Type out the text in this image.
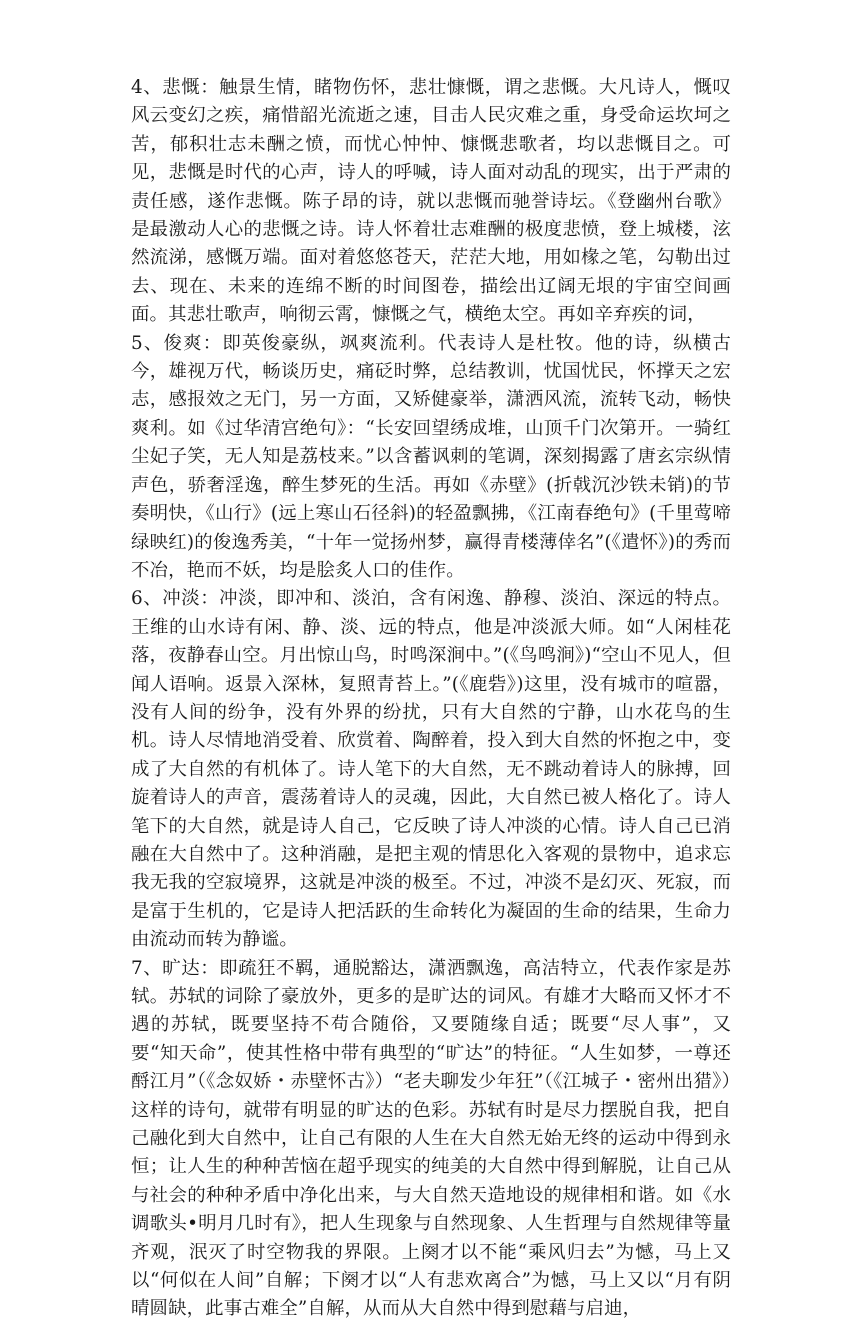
4、悲慨：触景生情，睹物伤怀，悲壮慷慨，谓之悲慨。大凡诗人，慨叹风云变幻之疾，痛惜韶光流逝之速，目击人民灾难之重，身受命运坎坷之苦，郁积壮志未酬之愤，而忧心忡忡、慷慨悲歌者，均以悲慨目之。可见，悲慨是时代的心声，诗人的呼喊，诗人面对动乱的现实，出于严肃的责任感，遂作悲慨。陈子昂的诗，就以悲慨而驰誉诗坛。《登幽州台歌》是最激动人心的悲慨之诗。诗人怀着壮志难酬的极度悲愤，登上城楼，泫然流涕，感慨万端。面对着悠悠苍天，茫茫大地，用如椽之笔，勾勒出过去、现在、未来的连绵不断的时间图卷，描绘出辽阔无垠的宇宙空间画面。其悲壮歌声，响彻云霄，慷慨之气，横绝太空。再如辛弃疾的词，

5、俊爽：即英俊豪纵，飒爽流利。代表诗人是杜牧。他的诗，纵横古今，雄视万代，畅谈历史，痛砭时弊，总结教训，忧国忧民，怀撑天之宏志，感报效之无门，另一方面，又矫健豪举，潇洒风流，流转飞动，畅快爽利。如《过华清宫绝句》：“长安回望绣成堆，山顶千门次第开。一骑红尘妃子笑，无人知是荔枝来。”以含蓄讽刺的笔调，深刻揭露了唐玄宗纵情声色，骄奢淫逸，醉生梦死的生活。再如《赤壁》(折戟沉沙铁未销)的节奏明快，《山行》(远上寒山石径斜)的轻盈飘拂，《江南春绝句》(千里莺啼绿映红)的俊逸秀美，“十年一觉扬州梦，赢得青楼薄倖名”(《遣怀》)的秀而不冶，艳而不妖，均是脍炙人口的佳作。

6、冲淡：冲淡，即冲和、淡泊，含有闲逸、静穆、淡泊、深远的特点。王维的山水诗有闲、静、淡、远的特点，他是冲淡派大师。如“人闲桂花落，夜静春山空。月出惊山鸟，时鸣深涧中。”(《鸟鸣涧》)“空山不见人，但闻人语响。返景入深林，复照青苔上。”(《鹿砦》)这里，没有城市的喧嚣，没有人间的纷争，没有外界的纷扰，只有大自然的宁静，山水花鸟的生机。诗人尽情地消受着、欣赏着、陶醉着，投入到大自然的怀抱之中，变成了大自然的有机体了。诗人笔下的大自然，无不跳动着诗人的脉搏，回旋着诗人的声音，震荡着诗人的灵魂，因此，大自然已被人格化了。诗人笔下的大自然，就是诗人自己，它反映了诗人冲淡的心情。诗人自己已消融在大自然中了。这种消融，是把主观的情思化入客观的景物中，追求忘我无我的空寂境界，这就是冲淡的极至。不过，冲淡不是幻灭、死寂，而是富于生机的，它是诗人把活跃的生命转化为凝固的生命的结果，生命力由流动而转为静谧。

7、旷达：即疏狂不羁，通脱豁达，潇洒飘逸，高洁特立，代表作家是苏轼。苏轼的词除了豪放外，更多的是旷达的词风。有雄才大略而又怀才不遇的苏轼，既要坚持不苟合随俗，又要随缘自适；既要“尽人事”，又要“知天命”，使其性格中带有典型的“旷达”的特征。“人生如梦，一尊还酹江月”（《念奴娇・赤壁怀古》）“老夫聊发少年狂”（《江城子・密州出猎》）这样的诗句，就带有明显的旷达的色彩。苏轼有时是尽力摆脱自我，把自己融化到大自然中，让自己有限的人生在大自然无始无终的运动中得到永恒；让人生的种种苦恼在超乎现实的纯美的大自然中得到解脱，让自己从与社会的种种矛盾中净化出来，与大自然天造地设的规律相和谐。如《水调歌头•明月几时有》，把人生现象与自然现象、人生哲理与自然规律等量齐观，泯灭了时空物我的界限。上阕才以不能“乘风归去”为憾，马上又以“何似在人间”自解；下阕才以“人有悲欢离合”为憾，马上又以“月有阴晴圆缺，此事古难全”自解，从而从大自然中得到慰藉与启迪，
